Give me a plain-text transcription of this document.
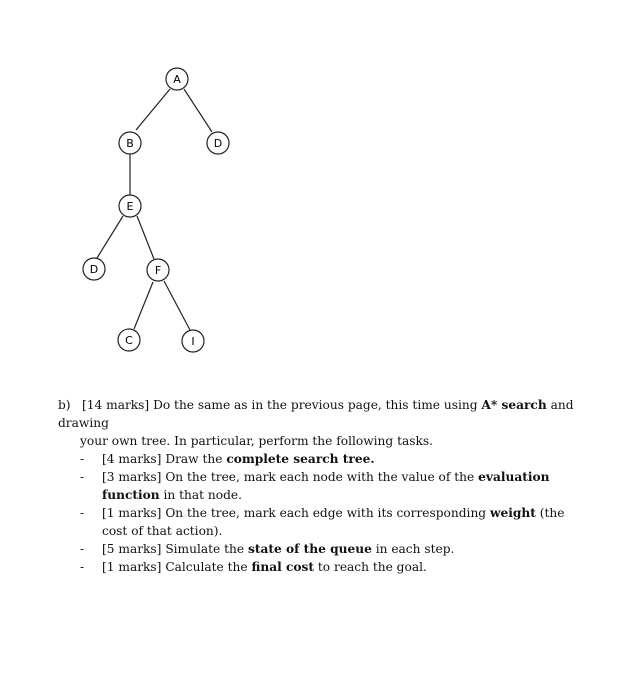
A
B	D
E
D	F
C	I

b) [14 marks] Do the same as in the previous page, this time using A* search and drawing

your own tree. In particular, perform the following tasks.
- [4 marks] Draw the complete search tree.
- [3 marks] On the tree, mark each node with the value of the evaluation function in that node.
- [1 marks] On the tree, mark each edge with its corresponding weight (the cost of that action).
- [5 marks] Simulate the state of the queue in each step.
- [1 marks] Calculate the final cost to reach the goal.
